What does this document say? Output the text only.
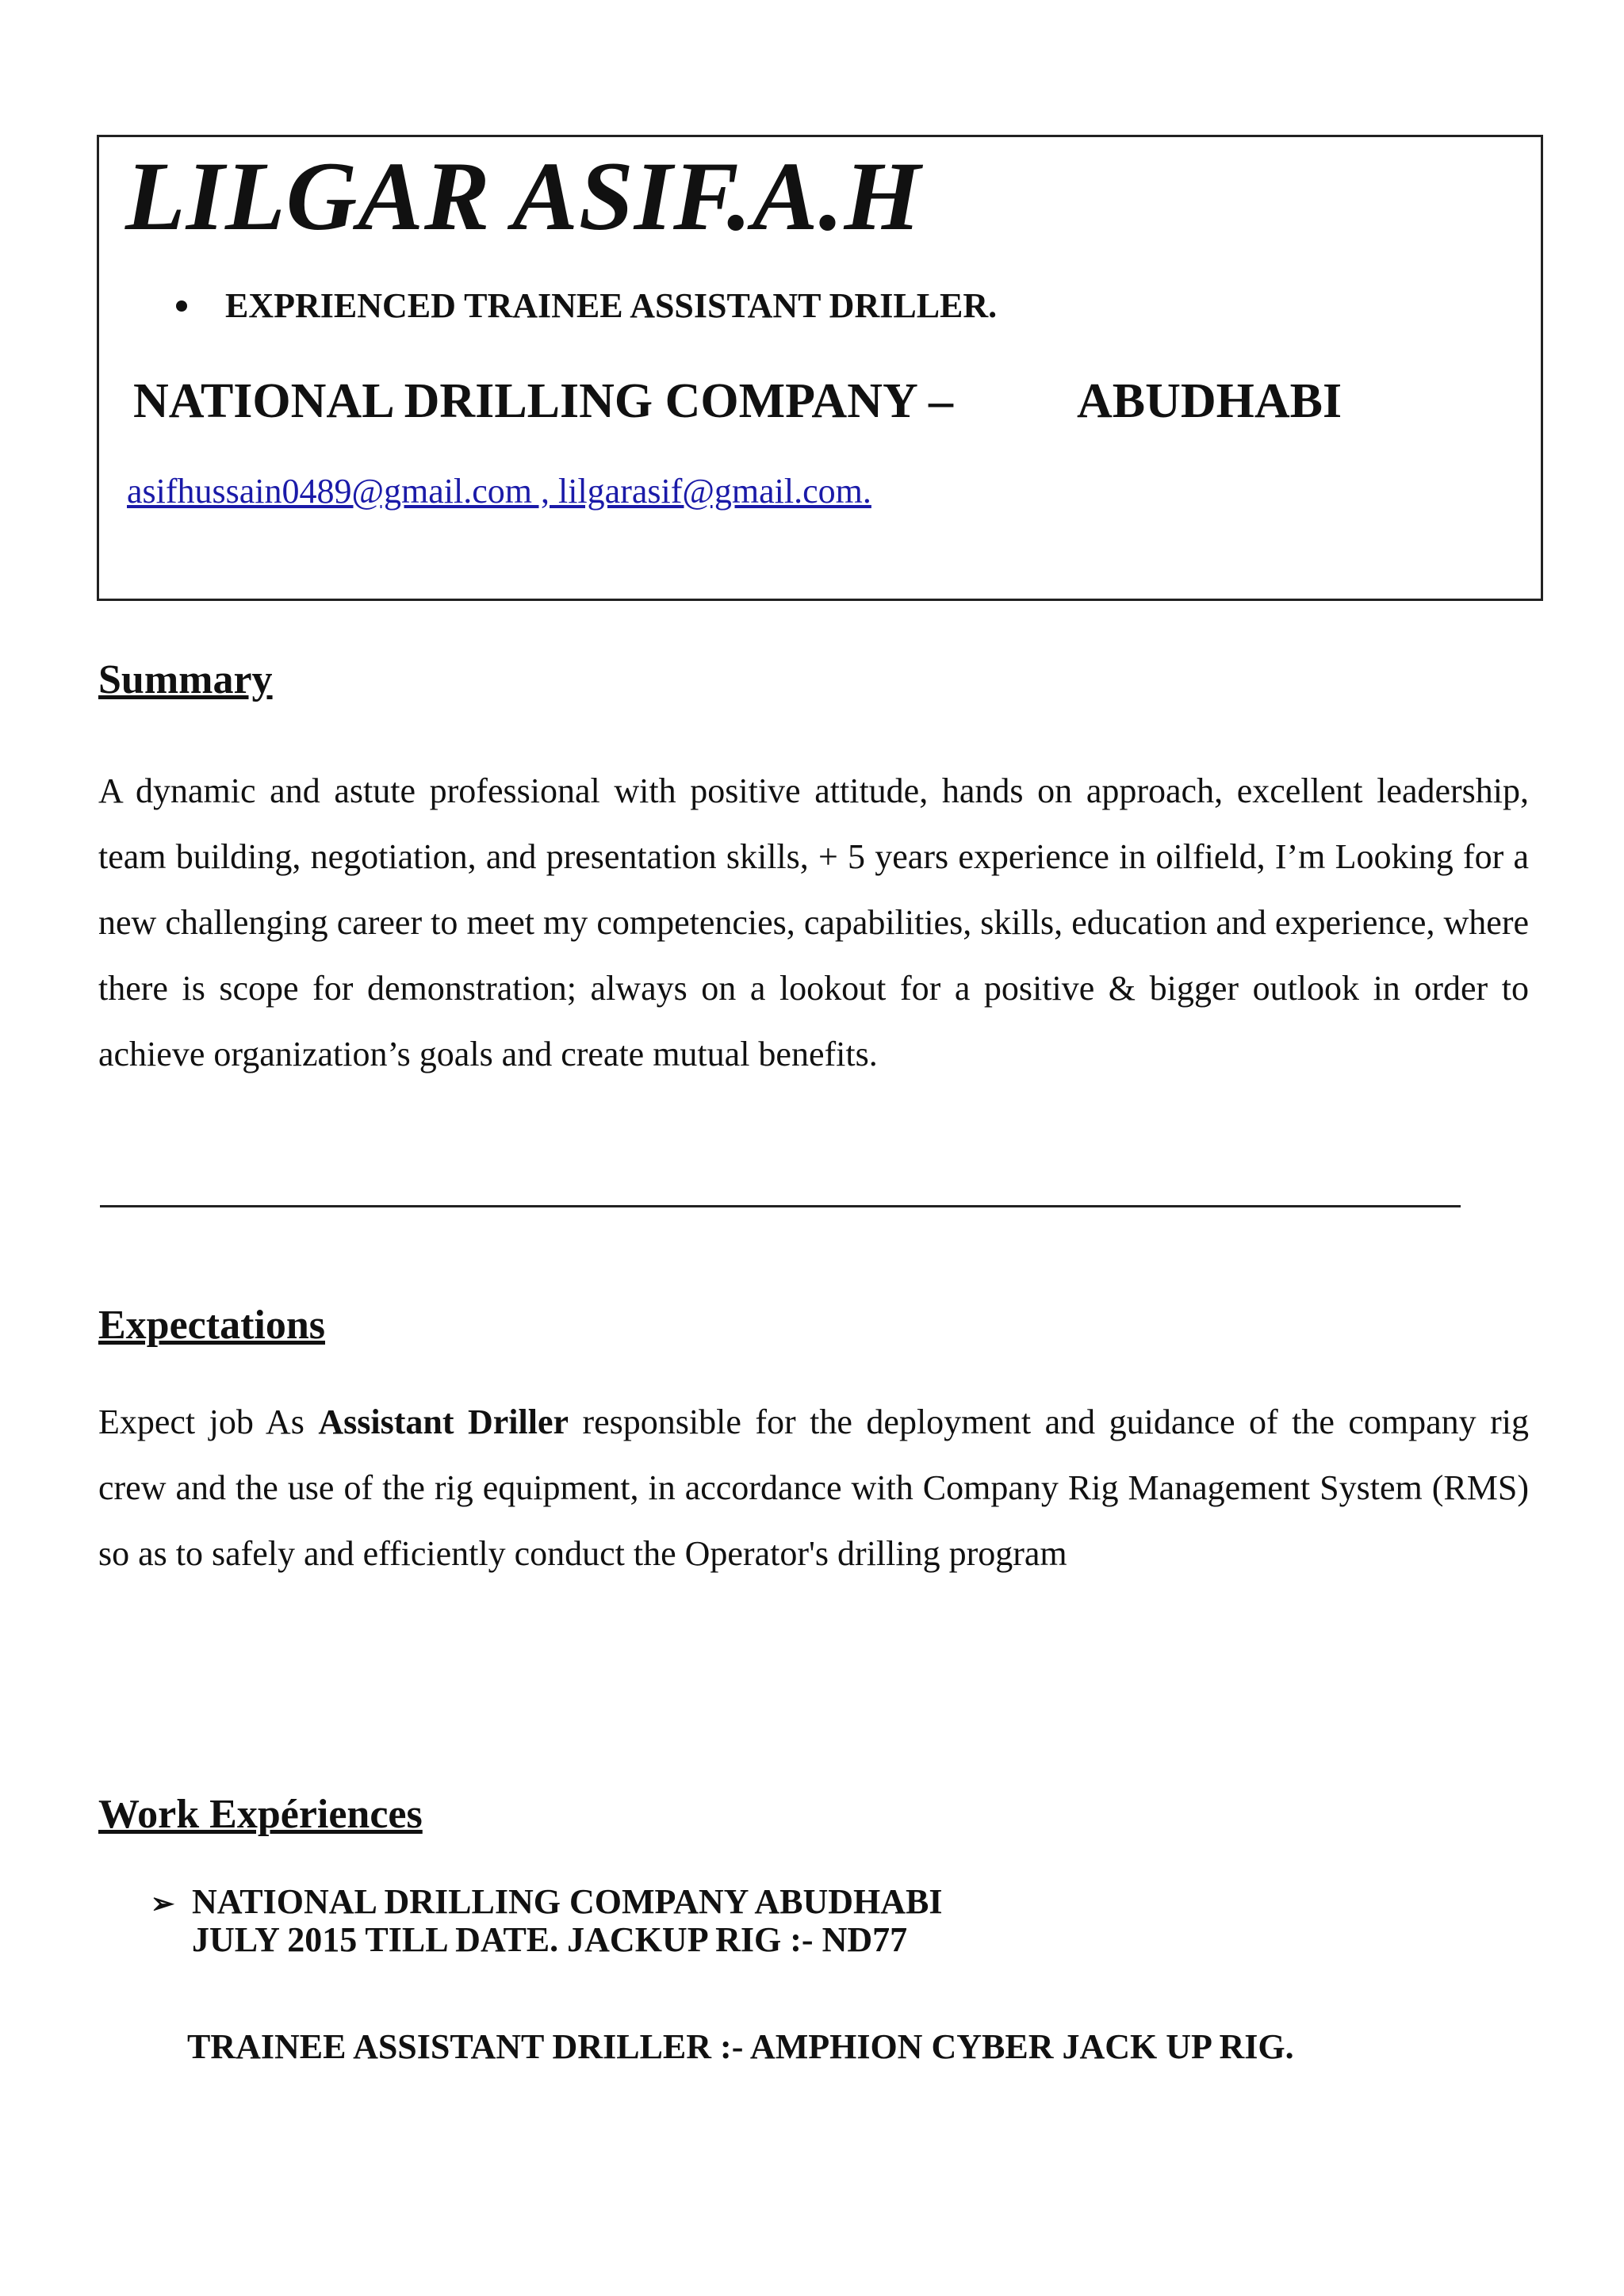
LILGAR ASIF.A.H
EXPRIENCED TRAINEE ASSISTANT DRILLER.
NATIONAL DRILLING COMPANY –	ABUDHABI
asifhussain0489@gmail.com , lilgarasif@gmail.com.
Summary

A dynamic and astute professional with positive attitude, hands on approach, excellent leadership, team building, negotiation, and presentation skills, + 5 years experience in oilfield, I’m Looking for a new challenging career to meet my competencies, capabilities, skills, education and experience, where there is scope for demonstration; always on a lookout for a positive & bigger outlook in order to achieve organization’s goals and create mutual benefits.

Expectations

Expect job As Assistant Driller responsible for the deployment and guidance of the company rig crew and the use of the rig equipment, in accordance with Company Rig Management System (RMS) so as to safely and efficiently conduct the Operator's drilling program

Work Expériences
➢ NATIONAL DRILLING COMPANY ABUDHABI
JULY 2015 TILL DATE. JACKUP RIG :- ND77
TRAINEE ASSISTANT DRILLER :- AMPHION CYBER JACK UP RIG.
